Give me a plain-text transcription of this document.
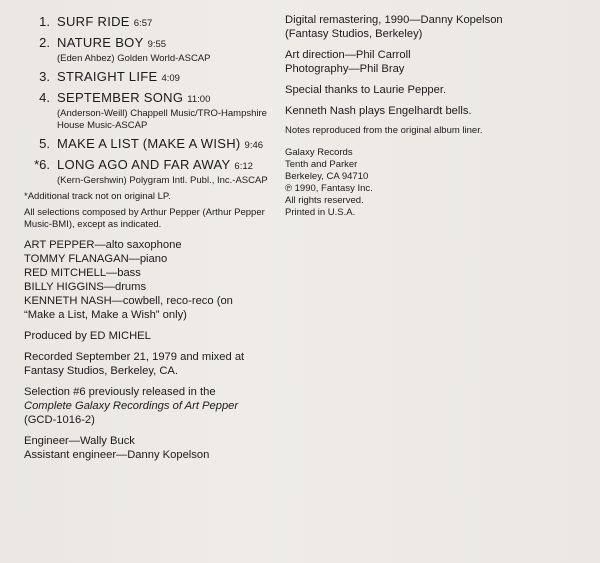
1. SURF RIDE 6:57
2. NATURE BOY 9:55
(Eden Ahbez) Golden World-ASCAP
3. STRAIGHT LIFE 4:09
4. SEPTEMBER SONG 11:00
(Anderson-Weill) Chappell Music/TRO-Hampshire House Music-ASCAP
5. MAKE A LIST (MAKE A WISH) 9:46
*6. LONG AGO AND FAR AWAY 6:12
(Kern-Gershwin) Polygram Intl. Publ., Inc.-ASCAP
*Additional track not on original LP.
All selections composed by Arthur Pepper (Arthur Pepper Music-BMI), except as indicated.
ART PEPPER—alto saxophone
TOMMY FLANAGAN—piano
RED MITCHELL—bass
BILLY HIGGINS—drums
KENNETH NASH—cowbell, reco-reco (on
“Make a List, Make a Wish” only)
Produced by ED MICHEL
Recorded September 21, 1979 and mixed at
Fantasy Studios, Berkeley, CA.
Selection #6 previously released in the
Complete Galaxy Recordings of Art Pepper
(GCD-1016-2)
Engineer—Wally Buck
Assistant engineer—Danny Kopelson
Digital remastering, 1990—Danny Kopelson
(Fantasy Studios, Berkeley)
Art direction—Phil Carroll
Photography—Phil Bray
Special thanks to Laurie Pepper.
Kenneth Nash plays Engelhardt bells.
Notes reproduced from the original album liner.
Galaxy Records
Tenth and Parker
Berkeley, CA 94710
℗ 1990, Fantasy Inc.
All rights reserved.
Printed in U.S.A.
